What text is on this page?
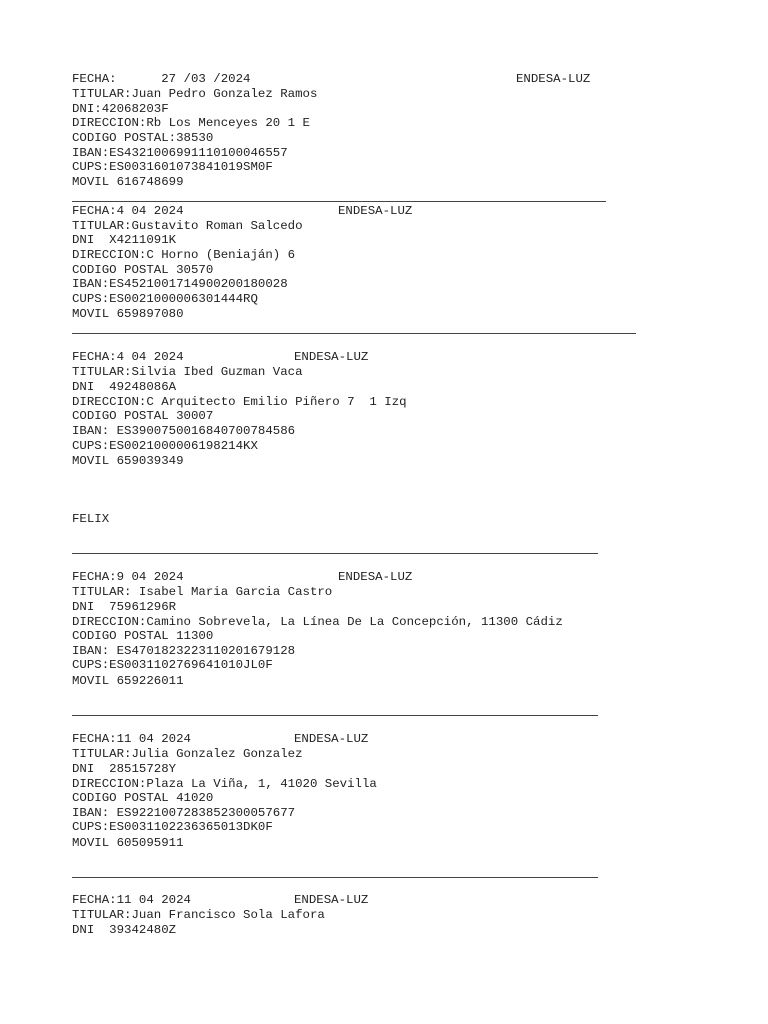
FECHA:      27 /03 /2024	ENDESA-LUZ
TITULAR:Juan Pedro Gonzalez Ramos
DNI:42068203F
DIRECCION:Rb Los Menceyes 20 1 E
CODIGO POSTAL:38530
IBAN:ES4321006991110100046557
CUPS:ES0031601073841019SM0F
MOVIL 616748699
FECHA:4 04 2024	ENDESA-LUZ
TITULAR:Gustavito Roman Salcedo
DNI  X4211091K
DIRECCION:C Horno (Beniaján) 6
CODIGO POSTAL 30570
IBAN:ES4521001714900200180028
CUPS:ES0021000006301444RQ
MOVIL 659897080
FECHA:4 04 2024	ENDESA-LUZ
TITULAR:Silvia Ibed Guzman Vaca
DNI  49248086A
DIRECCION:C Arquitecto Emilio Piñero 7  1 Izq
CODIGO POSTAL 30007
IBAN: ES3900750016840700784586
CUPS:ES0021000006198214KX
MOVIL 659039349
FELIX
FECHA:9 04 2024	ENDESA-LUZ
TITULAR: Isabel Maria Garcia Castro
DNI  75961296R
DIRECCION:Camino Sobrevela, La Línea De La Concepción, 11300 Cádiz
CODIGO POSTAL 11300
IBAN: ES4701823223110201679128
CUPS:ES0031102769641010JL0F
MOVIL 659226011
FECHA:11 04 2024	ENDESA-LUZ
TITULAR:Julia Gonzalez Gonzalez
DNI  28515728Y
DIRECCION:Plaza La Viña, 1, 41020 Sevilla
CODIGO POSTAL 41020
IBAN: ES9221007283852300057677
CUPS:ES0031102236365013DK0F
MOVIL 605095911
FECHA:11 04 2024	ENDESA-LUZ
TITULAR:Juan Francisco Sola Lafora
DNI  39342480Z
